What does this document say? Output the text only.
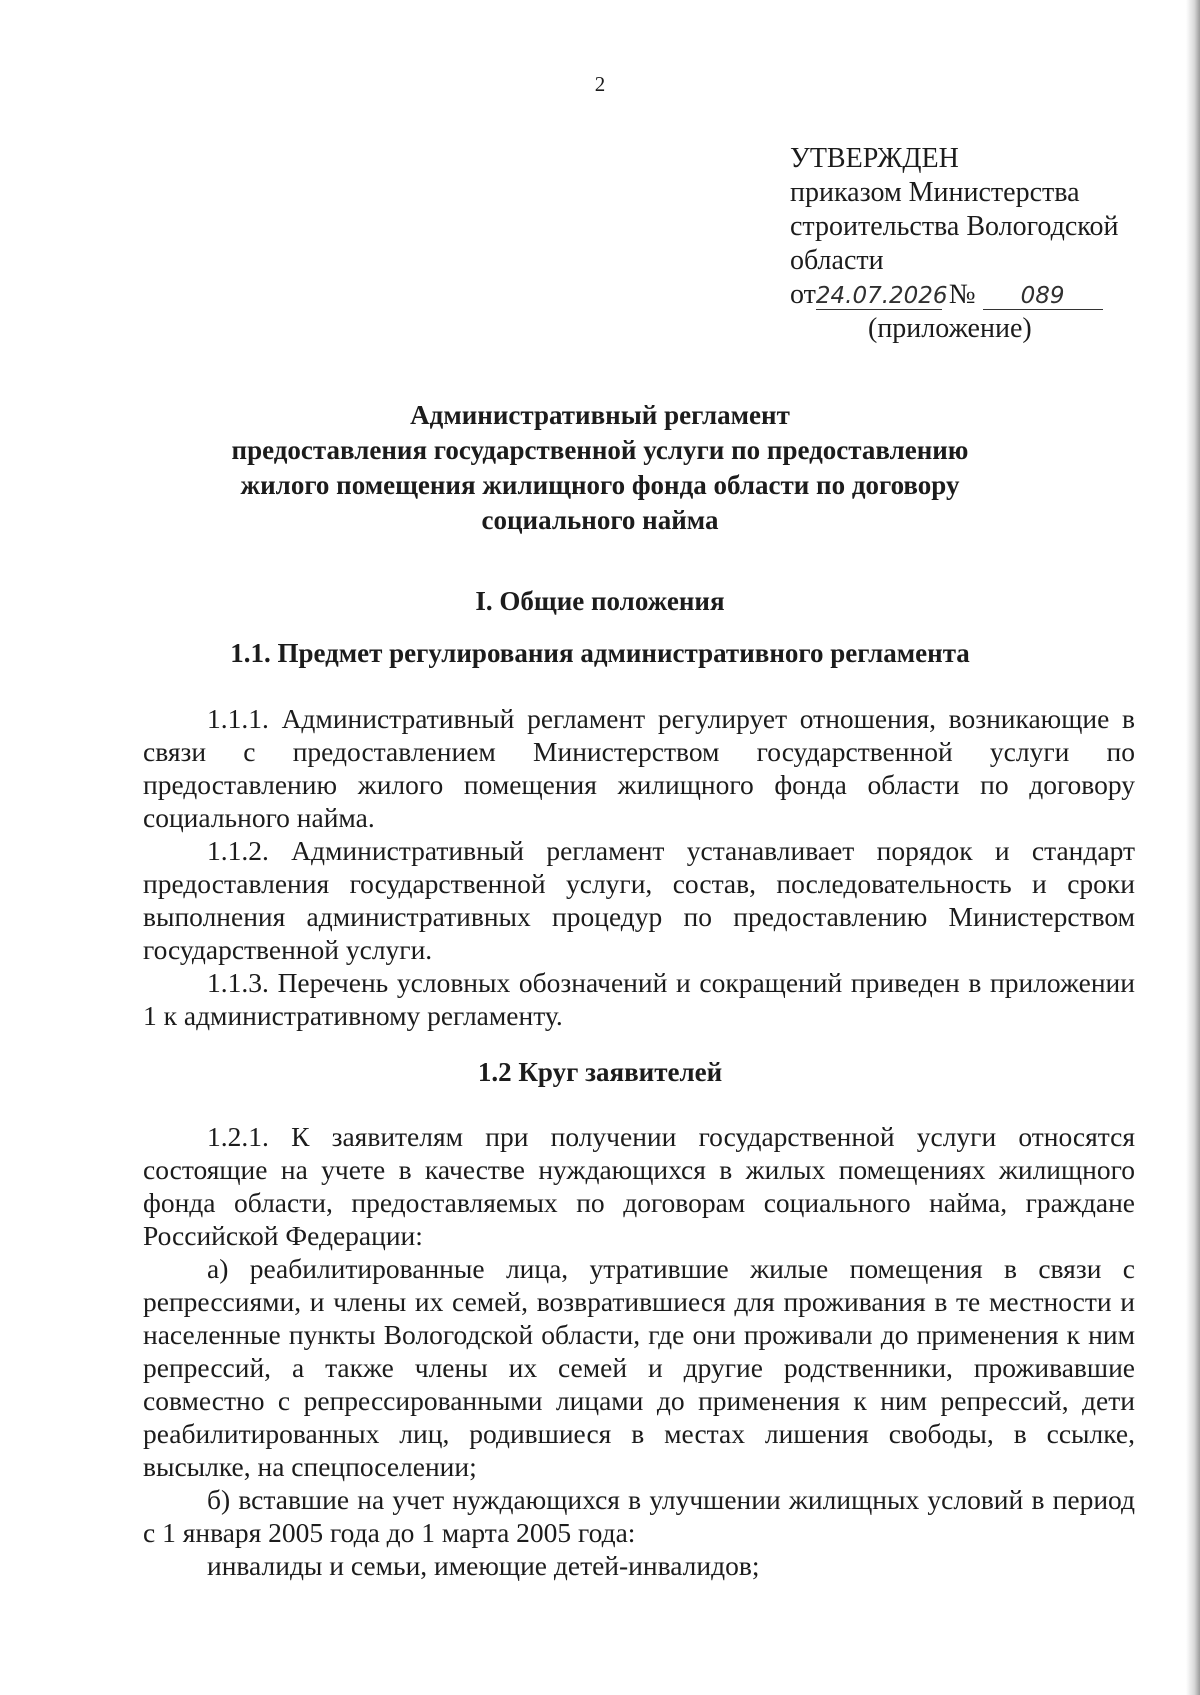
2
УТВЕРЖДЕН
приказом Министерства
строительства Вологодской
области
от24.07.2026 № 089
(приложение)
Административный регламент
предоставления государственной услуги по предоставлению
жилого помещения жилищного фонда области по договору
социального найма
I. Общие положения
1.1. Предмет регулирования административного регламента

1.1.1. Административный регламент регулирует отношения, возникающие в связи с предоставлением Министерством государственной услуги по предоставлению жилого помещения жилищного фонда области по договору социального найма.

1.1.2. Административный регламент устанавливает порядок и стандарт предоставления государственной услуги, состав, последовательность и сроки выполнения административных процедур по предоставлению Министерством государственной услуги.

1.1.3. Перечень условных обозначений и сокращений приведен в приложении 1 к административному регламенту.

1.2 Круг заявителей

1.2.1. К заявителям при получении государственной услуги относятся состоящие на учете в качестве нуждающихся в жилых помещениях жилищного фонда области, предоставляемых по договорам социального найма, граждане Российской Федерации:

а) реабилитированные лица, утратившие жилые помещения в связи с репрессиями, и члены их семей, возвратившиеся для проживания в те местности и населенные пункты Вологодской области, где они проживали до применения к ним репрессий, а также члены их семей и другие родственники, проживавшие совместно с репрессированными лицами до применения к ним репрессий, дети реабилитированных лиц, родившиеся в местах лишения свободы, в ссылке, высылке, на спецпоселении;

б) вставшие на учет нуждающихся в улучшении жилищных условий в период с 1 января 2005 года до 1 марта 2005 года:

инвалиды и семьи, имеющие детей-инвалидов;
